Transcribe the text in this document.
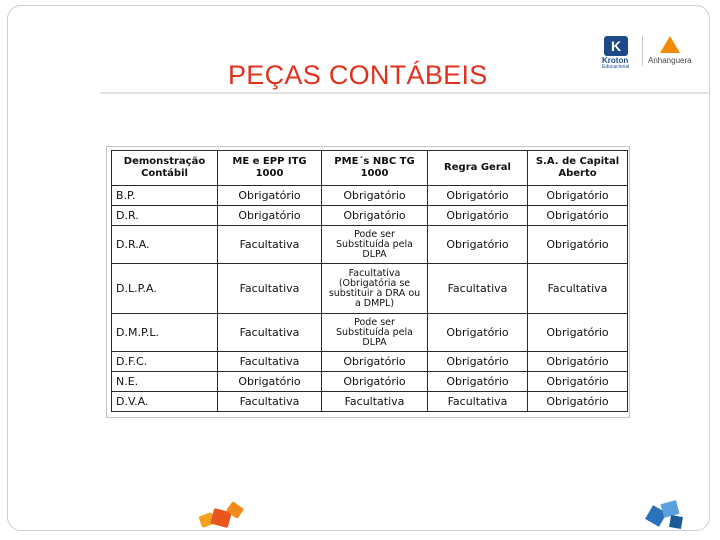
PEÇAS CONTÁBEIS
K
Kroton
Educacional
Anhanguera
Demonstração Contábil	ME e EPP ITG 1000	PME´s NBC TG 1000	Regra Geral	S.A. de Capital Aberto
B.P.	Obrigatório	Obrigatório	Obrigatório	Obrigatório
D.R.	Obrigatório	Obrigatório	Obrigatório	Obrigatório
D.R.A.	Facultativa	Pode ser Substituída pela DLPA	Obrigatório	Obrigatório
D.L.P.A.	Facultativa	Facultativa (Obrigatória se substituir a DRA ou a DMPL)	Facultativa	Facultativa
D.M.P.L.	Facultativa	Pode ser Substituída pela DLPA	Obrigatório	Obrigatório
D.F.C.	Facultativa	Obrigatório	Obrigatório	Obrigatório
N.E.	Obrigatório	Obrigatório	Obrigatório	Obrigatório
D.V.A.	Facultativa	Facultativa	Facultativa	Obrigatório
